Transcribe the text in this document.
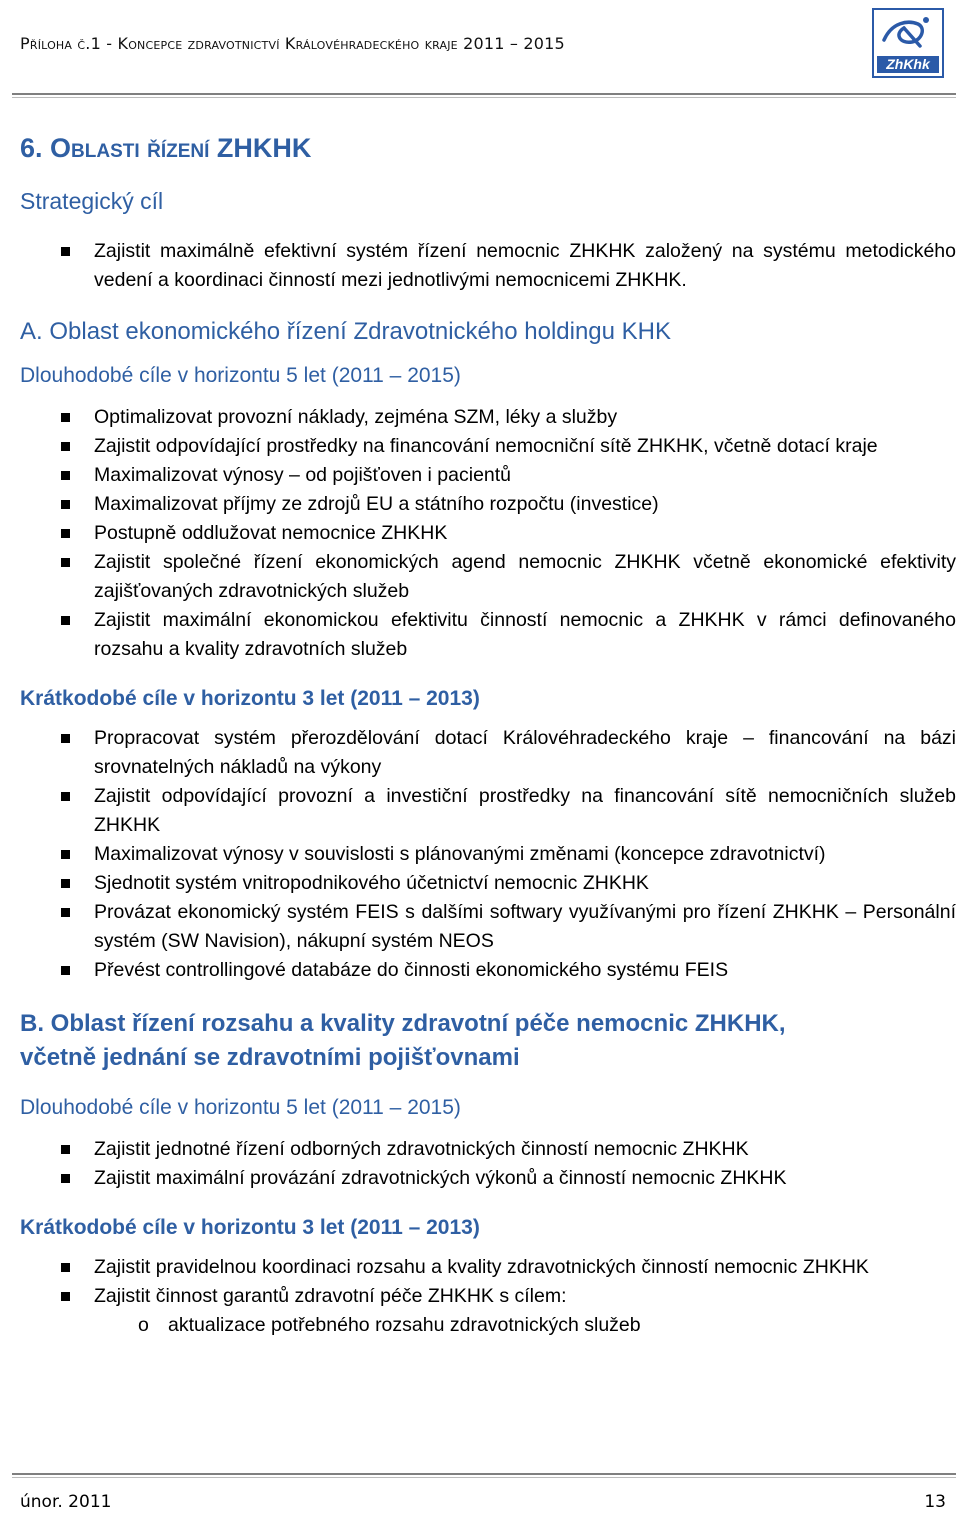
Příloha č.1 - Koncepce zdravotnictví Královéhradeckého kraje 2011 – 2015
ZhKhk
6. Oblasti řízení ZHKHK
Strategický cíl
Zajistit maximálně efektivní systém řízení nemocnic ZHKHK založený na systému metodického vedení a koordinaci činností mezi jednotlivými nemocnicemi ZHKHK.
A. Oblast ekonomického řízení Zdravotnického holdingu KHK
Dlouhodobé cíle v horizontu 5 let (2011 – 2015)
Optimalizovat provozní náklady, zejména SZM, léky a služby
Zajistit odpovídající prostředky na financování nemocniční sítě ZHKHK, včetně dotací kraje
Maximalizovat výnosy – od pojišťoven i pacientů
Maximalizovat příjmy ze zdrojů EU a státního rozpočtu (investice)
Postupně oddlužovat nemocnice ZHKHK
Zajistit společné řízení ekonomických agend nemocnic ZHKHK včetně ekonomické efektivity zajišťovaných zdravotnických služeb
Zajistit maximální ekonomickou efektivitu činností nemocnic a ZHKHK v rámci definovaného rozsahu a kvality zdravotních služeb
Krátkodobé cíle v horizontu 3 let (2011 – 2013)
Propracovat systém přerozdělování dotací Královéhradeckého kraje – financování na bázi srovnatelných nákladů na výkony
Zajistit odpovídající provozní a investiční prostředky na financování sítě nemocničních služeb ZHKHK
Maximalizovat výnosy v souvislosti s plánovanými změnami (koncepce zdravotnictví)
Sjednotit systém vnitropodnikového účetnictví nemocnic ZHKHK
Provázat ekonomický systém FEIS s dalšími softwary využívanými pro řízení ZHKHK – Personální systém (SW Navision), nákupní systém NEOS
Převést controllingové databáze do činnosti ekonomického systému FEIS
B. Oblast řízení rozsahu a kvality zdravotní péče nemocnic ZHKHK,
včetně jednání se zdravotními pojišťovnami
Dlouhodobé cíle v horizontu 5 let (2011 – 2015)
Zajistit jednotné řízení odborných zdravotnických činností nemocnic ZHKHK
Zajistit maximální provázání zdravotnických výkonů a činností nemocnic ZHKHK
Krátkodobé cíle v horizontu 3 let (2011 – 2013)
Zajistit pravidelnou koordinaci rozsahu a kvality zdravotnických činností nemocnic ZHKHK
Zajistit činnost garantů zdravotní péče ZHKHK s cílem:
o aktualizace potřebného rozsahu zdravotnických služeb
únor. 2011	13
